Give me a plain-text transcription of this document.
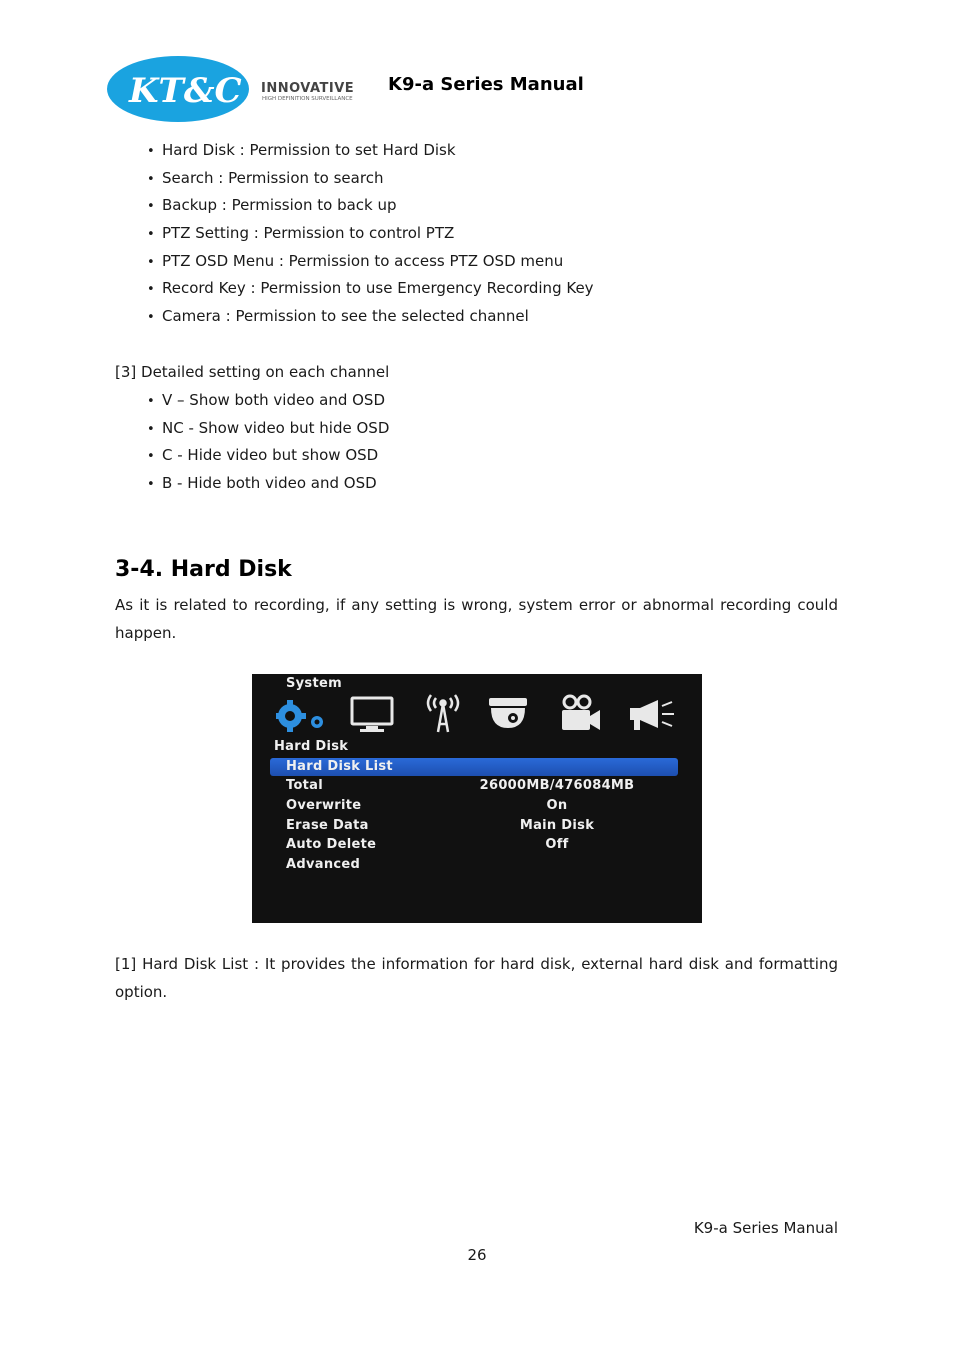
KT&C INNOVATIVE
HIGH DEFINITION SURVEILLANCE
K9-a Series Manual
• Hard Disk : Permission to set Hard Disk
• Search : Permission to search
• Backup : Permission to back up
• PTZ Setting : Permission to control PTZ
• PTZ OSD Menu : Permission to access PTZ OSD menu
• Record Key : Permission to use Emergency Recording Key
• Camera : Permission to see the selected channel
[3] Detailed setting on each channel
• V – Show both video and OSD
• NC - Show video but hide OSD
• C - Hide video but show OSD
• B - Hide both video and OSD
3-4. Hard Disk
As it is related to recording, if any setting is wrong, system error or abnormal recording could happen.
System
Hard Disk
Hard Disk List
Total	26000MB/476084MB
Overwrite	On
Erase Data	Main Disk
Auto Delete	Off
Advanced
[1] Hard Disk List : It provides the information for hard disk, external hard disk and formatting option.
K9-a Series Manual
26
